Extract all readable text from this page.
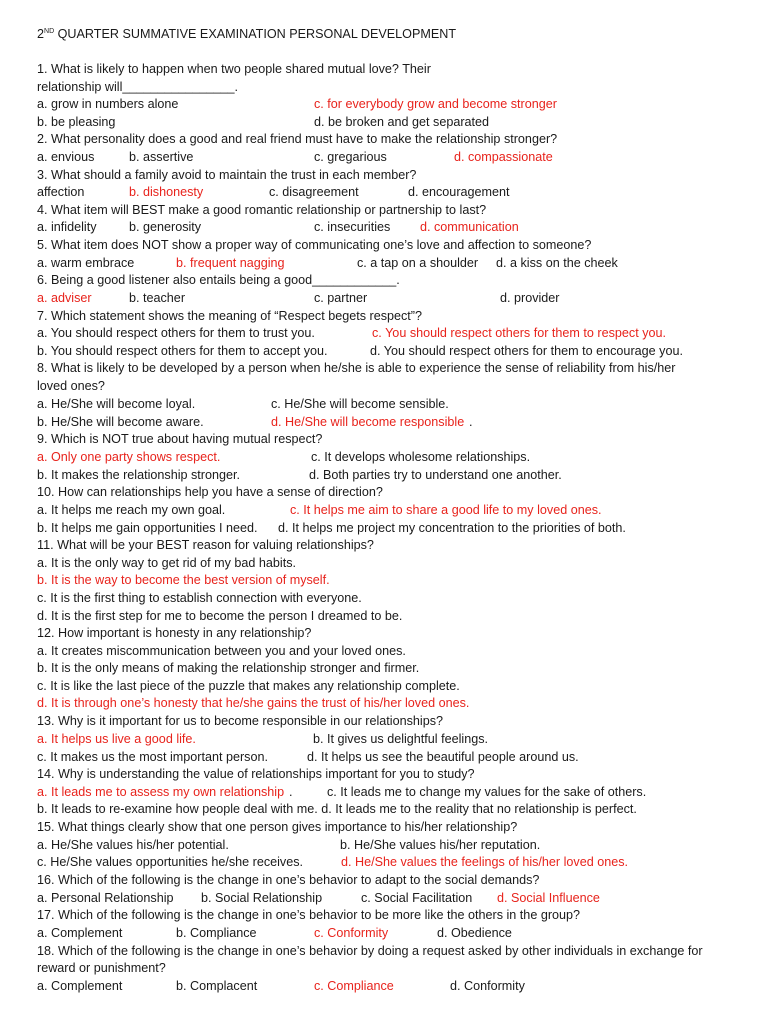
2ND QUARTER SUMMATIVE EXAMINATION PERSONAL DEVELOPMENT
1. What is likely to happen when two people shared mutual love? Their
relationship will________________.
a. grow in numbers alone	c. for everybody grow and become stronger
b. be pleasing	d. be broken and get separated
2. What personality does a good and real friend must have to make the relationship stronger?
a. envious	b. assertive	c. gregarious	d. compassionate
3. What should a family avoid to maintain the trust in each member?
affection	b. dishonesty	c. disagreement	d. encouragement
4. What item will BEST make a good romantic relationship or partnership to last?
a. infidelity	b. generosity	c. insecurities d. communication
5. What item does NOT show a proper way of communicating one’s love and affection to someone?
a. warm embrace	b. frequent nagging	c. a tap on a shoulder d. a kiss on the cheek
6. Being a good listener also entails being a good____________.
a. adviser	b. teacher	c. partner	d. provider
7. Which statement shows the meaning of “Respect begets respect”?
a. You should respect others for them to trust you.	c. You should respect others for them to respect you.
b. You should respect others for them to accept you.	d. You should respect others for them to encourage you.
8. What is likely to be developed by a person when he/she is able to experience the sense of reliability from his/her
loved ones?
a. He/She will become loyal.	c. He/She will become sensible.
b. He/She will become aware.	d. He/She will become responsible .
9. Which is NOT true about having mutual respect?
a. Only one party shows respect.	c. It develops wholesome relationships.
b. It makes the relationship stronger.	d. Both parties try to understand one another.
10. How can relationships help you have a sense of direction?
a. It helps me reach my own goal.	c. It helps me aim to share a good life to my loved ones.
b. It helps me gain opportunities I need. d. It helps me project my concentration to the priorities of both.
11. What will be your BEST reason for valuing relationships?
a. It is the only way to get rid of my bad habits.
b. It is the way to become the best version of myself.
c. It is the first thing to establish connection with everyone.
d. It is the first step for me to become the person I dreamed to be.
12. How important is honesty in any relationship?
a. It creates miscommunication between you and your loved ones.
b. It is the only means of making the relationship stronger and firmer.
c. It is like the last piece of the puzzle that makes any relationship complete.
d. It is through one’s honesty that he/she gains the trust of his/her loved ones.
13. Why is it important for us to become responsible in our relationships?
a. It helps us live a good life.	b. It gives us delightful feelings.
c. It makes us the most important person.	d. It helps us see the beautiful people around us.
14. Why is understanding the value of relationships important for you to study?
a. It leads me to assess my own relationship .	c. It leads me to change my values for the sake of others.
b. It leads to re-examine how people deal with me. d. It leads me to the reality that no relationship is perfect.
15. What things clearly show that one person gives importance to his/her relationship?
a. He/She values his/her potential.	b. He/She values his/her reputation.
c. He/She values opportunities he/she receives.	d. He/She values the feelings of his/her loved ones.
16. Which of the following is the change in one’s behavior to adapt to the social demands?
a. Personal Relationship b. Social Relationship	c. Social Facilitation d. Social Influence
17. Which of the following is the change in one’s behavior to be more like the others in the group?
a. Complement	b. Compliance	c. Conformity	d. Obedience
18. Which of the following is the change in one’s behavior by doing a request asked by other individuals in exchange for
reward or punishment?
a. Complement	b. Complacent	c. Compliance	d. Conformity
